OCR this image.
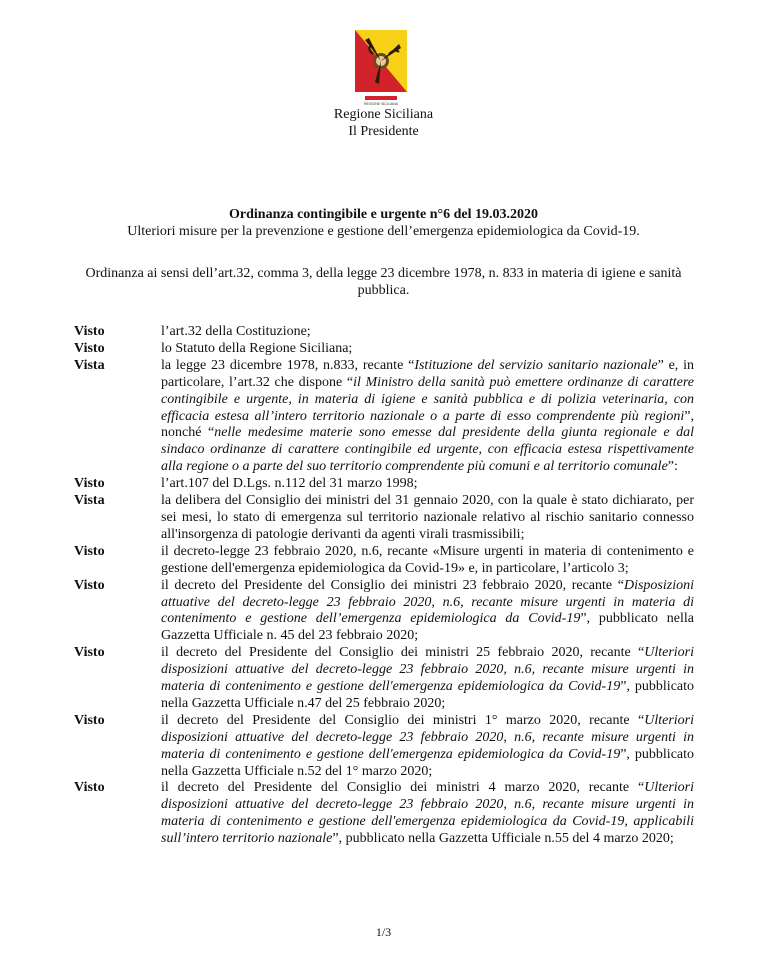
REGIONE SICILIANA
Regione Siciliana
Il Presidente
Ordinanza contingibile e urgente n°6 del 19.03.2020
Ulteriori misure per la prevenzione e gestione dell’emergenza epidemiologica da Covid-19.
Ordinanza ai sensi dell’art.32, comma 3, della legge 23 dicembre 1978, n. 833 in materia di igiene e sanità pubblica.
Visto	l’art.32 della Costituzione;
Visto	lo Statuto della Regione Siciliana;
Vista	la legge 23 dicembre 1978, n.833, recante “Istituzione del servizio sanitario nazionale” e, in particolare, l’art.32 che dispone “il Ministro della sanità può emettere ordinanze di carattere contingibile e urgente, in materia di igiene e sanità pubblica e di polizia veterinaria, con efficacia estesa all’intero territorio nazionale o a parte di esso comprendente più regioni”, nonché “nelle medesime materie sono emesse dal presidente della giunta regionale e dal sindaco ordinanze di carattere contingibile ed urgente, con efficacia estesa rispettivamente alla regione o a parte del suo territorio comprendente più comuni e al territorio comunale”:
Visto	l’art.107 del D.Lgs. n.112 del 31 marzo 1998;
Vista	la delibera del Consiglio dei ministri del 31 gennaio 2020, con la quale è stato dichiarato, per sei mesi, lo stato di emergenza sul territorio nazionale relativo al rischio sanitario connesso all'insorgenza di patologie derivanti da agenti virali trasmissibili;
Visto	il decreto-legge 23 febbraio 2020, n.6, recante «Misure urgenti in materia di contenimento e gestione dell'emergenza epidemiologica da Covid-19» e, in particolare, l’articolo 3;
Visto	il decreto del Presidente del Consiglio dei ministri 23 febbraio 2020, recante “Disposizioni attuative del decreto-legge 23 febbraio 2020, n.6, recante misure urgenti in materia di contenimento e gestione dell’emergenza epidemiologica da Covid-19”, pubblicato nella Gazzetta Ufficiale n. 45 del 23 febbraio 2020;
Visto	il decreto del Presidente del Consiglio dei ministri 25 febbraio 2020, recante “Ulteriori disposizioni attuative del decreto-legge 23 febbraio 2020, n.6, recante misure urgenti in materia di contenimento e gestione dell'emergenza epidemiologica da Covid-19”, pubblicato nella Gazzetta Ufficiale n.47 del 25 febbraio 2020;
Visto	il decreto del Presidente del Consiglio dei ministri 1° marzo 2020, recante “Ulteriori disposizioni attuative del decreto-legge 23 febbraio 2020, n.6, recante misure urgenti in materia di contenimento e gestione dell'emergenza epidemiologica da Covid-19”, pubblicato nella Gazzetta Ufficiale n.52 del 1° marzo 2020;
Visto	il decreto del Presidente del Consiglio dei ministri 4 marzo 2020, recante “Ulteriori disposizioni attuative del decreto-legge 23 febbraio 2020, n.6, recante misure urgenti in materia di contenimento e gestione dell'emergenza epidemiologica da Covid-19, applicabili sull’intero territorio nazionale”, pubblicato nella Gazzetta Ufficiale n.55 del 4 marzo 2020;
1/3
